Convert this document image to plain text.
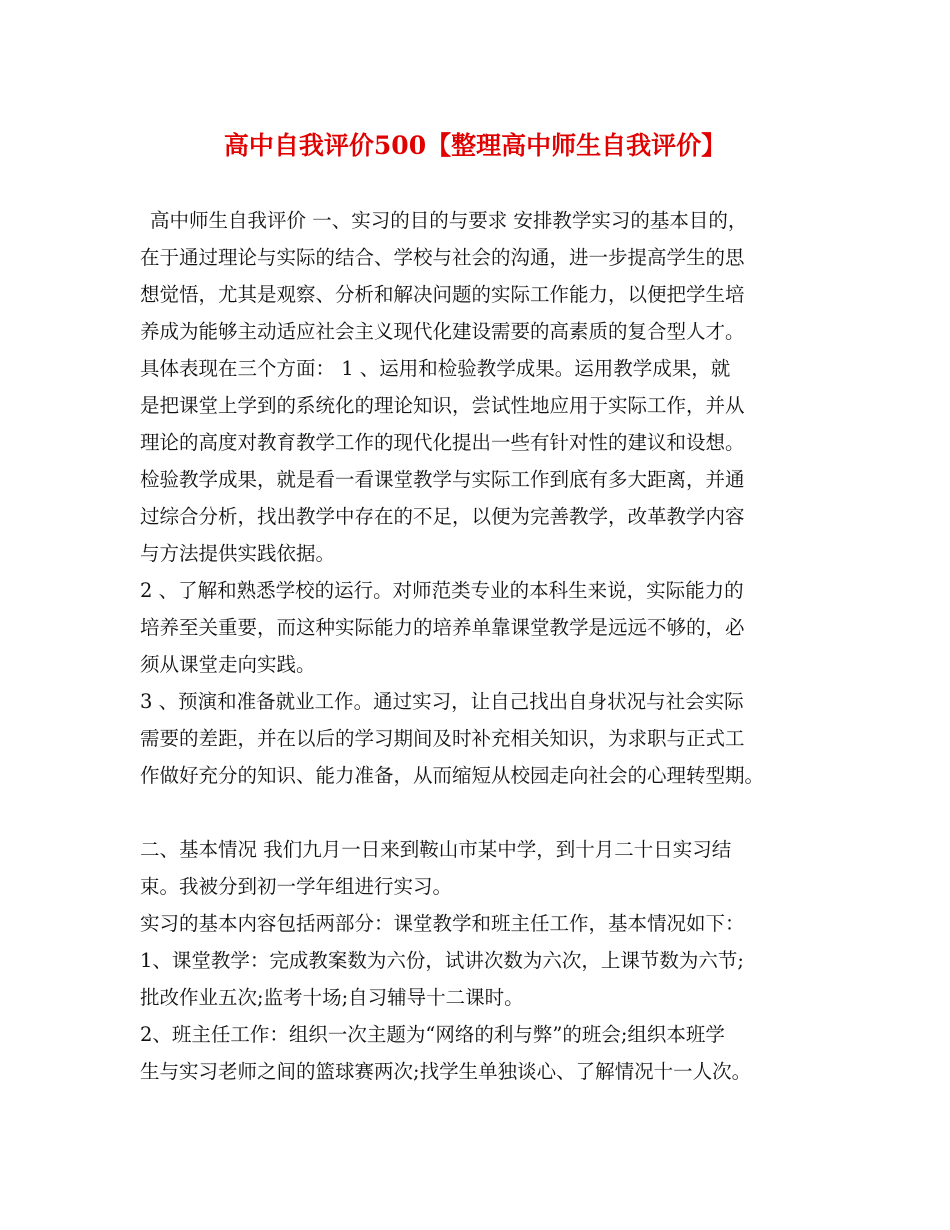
高中自我评价500【整理高中师生自我评价】
高中师生自我评价 一、实习的目的与要求 安排教学实习的基本目的，
在于通过理论与实际的结合、学校与社会的沟通，进一步提高学生的思
想觉悟，尤其是观察、分析和解决问题的实际工作能力，以便把学生培
养成为能够主动适应社会主义现代化建设需要的高素质的复合型人才。
具体表现在三个方面： 1 、运用和检验教学成果。运用教学成果，就
是把课堂上学到的系统化的理论知识，尝试性地应用于实际工作，并从
理论的高度对教育教学工作的现代化提出一些有针对性的建议和设想。
检验教学成果，就是看一看课堂教学与实际工作到底有多大距离，并通
过综合分析，找出教学中存在的不足，以便为完善教学，改革教学内容
与方法提供实践依据。
2 、了解和熟悉学校的运行。对师范类专业的本科生来说，实际能力的
培养至关重要，而这种实际能力的培养单靠课堂教学是远远不够的，必
须从课堂走向实践。
3 、预演和准备就业工作。通过实习，让自己找出自身状况与社会实际
需要的差距，并在以后的学习期间及时补充相关知识，为求职与正式工
作做好充分的知识、能力准备，从而缩短从校园走向社会的心理转型期。
二、基本情况 我们九月一日来到鞍山市某中学，到十月二十日实习结
束。我被分到初一学年组进行实习。
实习的基本内容包括两部分：课堂教学和班主任工作，基本情况如下：
1、课堂教学：完成教案数为六份，试讲次数为六次，上课节数为六节;
批改作业五次;监考十场;自习辅导十二课时。
2、班主任工作：组织一次主题为“网络的利与弊”的班会;组织本班学
生与实习老师之间的篮球赛两次;找学生单独谈心、了解情况十一人次。
